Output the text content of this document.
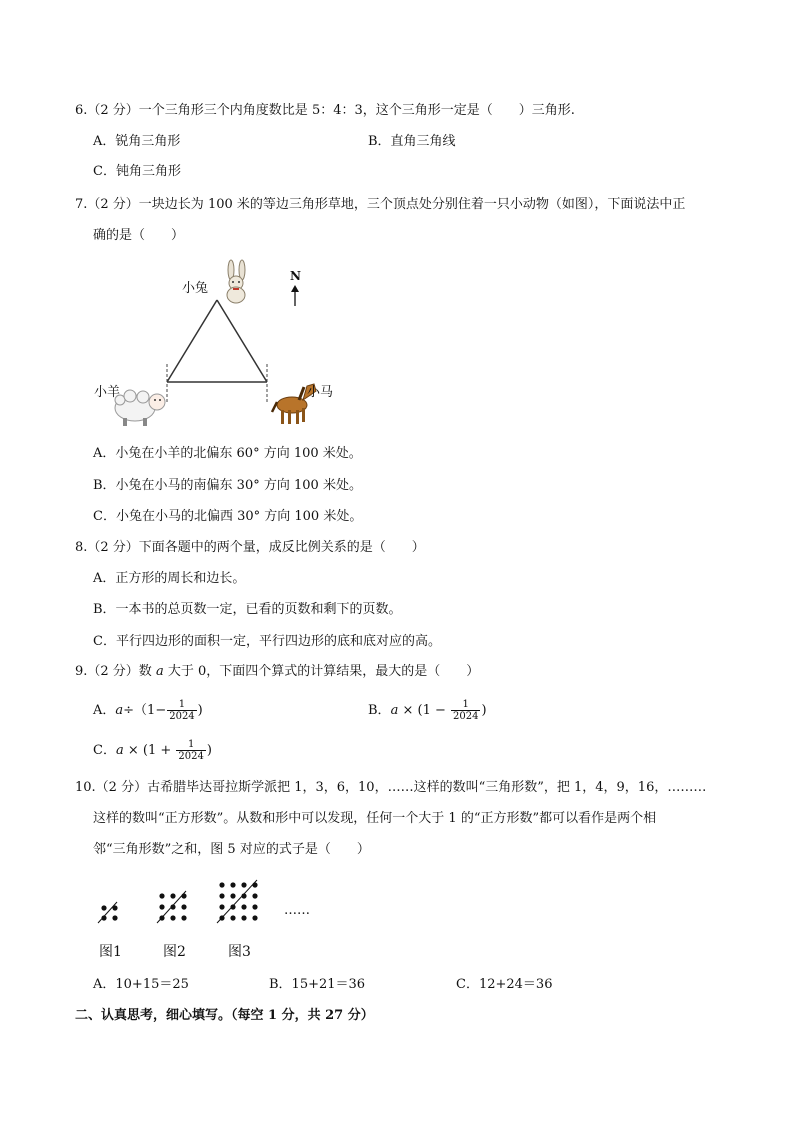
6.（2 分）一个三角形三个内角度数比是 5：4：3，这个三角形一定是（　　）三角形.
A．锐角三角形	B．直角三角线
C．钝角三角形
7.（2 分）一块边长为 100 米的等边三角形草地，三个顶点处分别住着一只小动物（如图），下面说法中正
确的是（　　）
小兔
N
小羊	小马
A．小兔在小羊的北偏东 60° 方向 100 米处。
B．小兔在小马的南偏东 30° 方向 100 米处。
C．小兔在小马的北偏西 30° 方向 100 米处。
8.（2 分）下面各题中的两个量，成反比例关系的是（　　）
A．正方形的周长和边长。
B．一本书的总页数一定，已看的页数和剩下的页数。
C．平行四边形的面积一定，平行四边形的底和底对应的高。
9.（2 分）数 a 大于 0，下面四个算式的计算结果，最大的是（　　）
A．$a\div(1- \frac{1}{2024}$ )	B．$a \times (1 - \frac{1}{2024}$ )
C．$a \times (1 + \frac{1}{2024}$ )
10.（2 分）古希腊毕达哥拉斯学派把 1，3，6，10，……这样的数叫“三角形数”，把 1，4，9，16，………
这样的数叫“正方形数”。从数和形中可以发现，任何一个大于 1 的“正方形数”都可以看作是两个相
邻“三角形数”之和，图 5 对应的式子是（　　）
……
图1	图2	图3
A．10+15＝25	B．15+21＝36	C．12+24＝36
二、认真思考，细心填写。（每空 1 分，共 27 分）
